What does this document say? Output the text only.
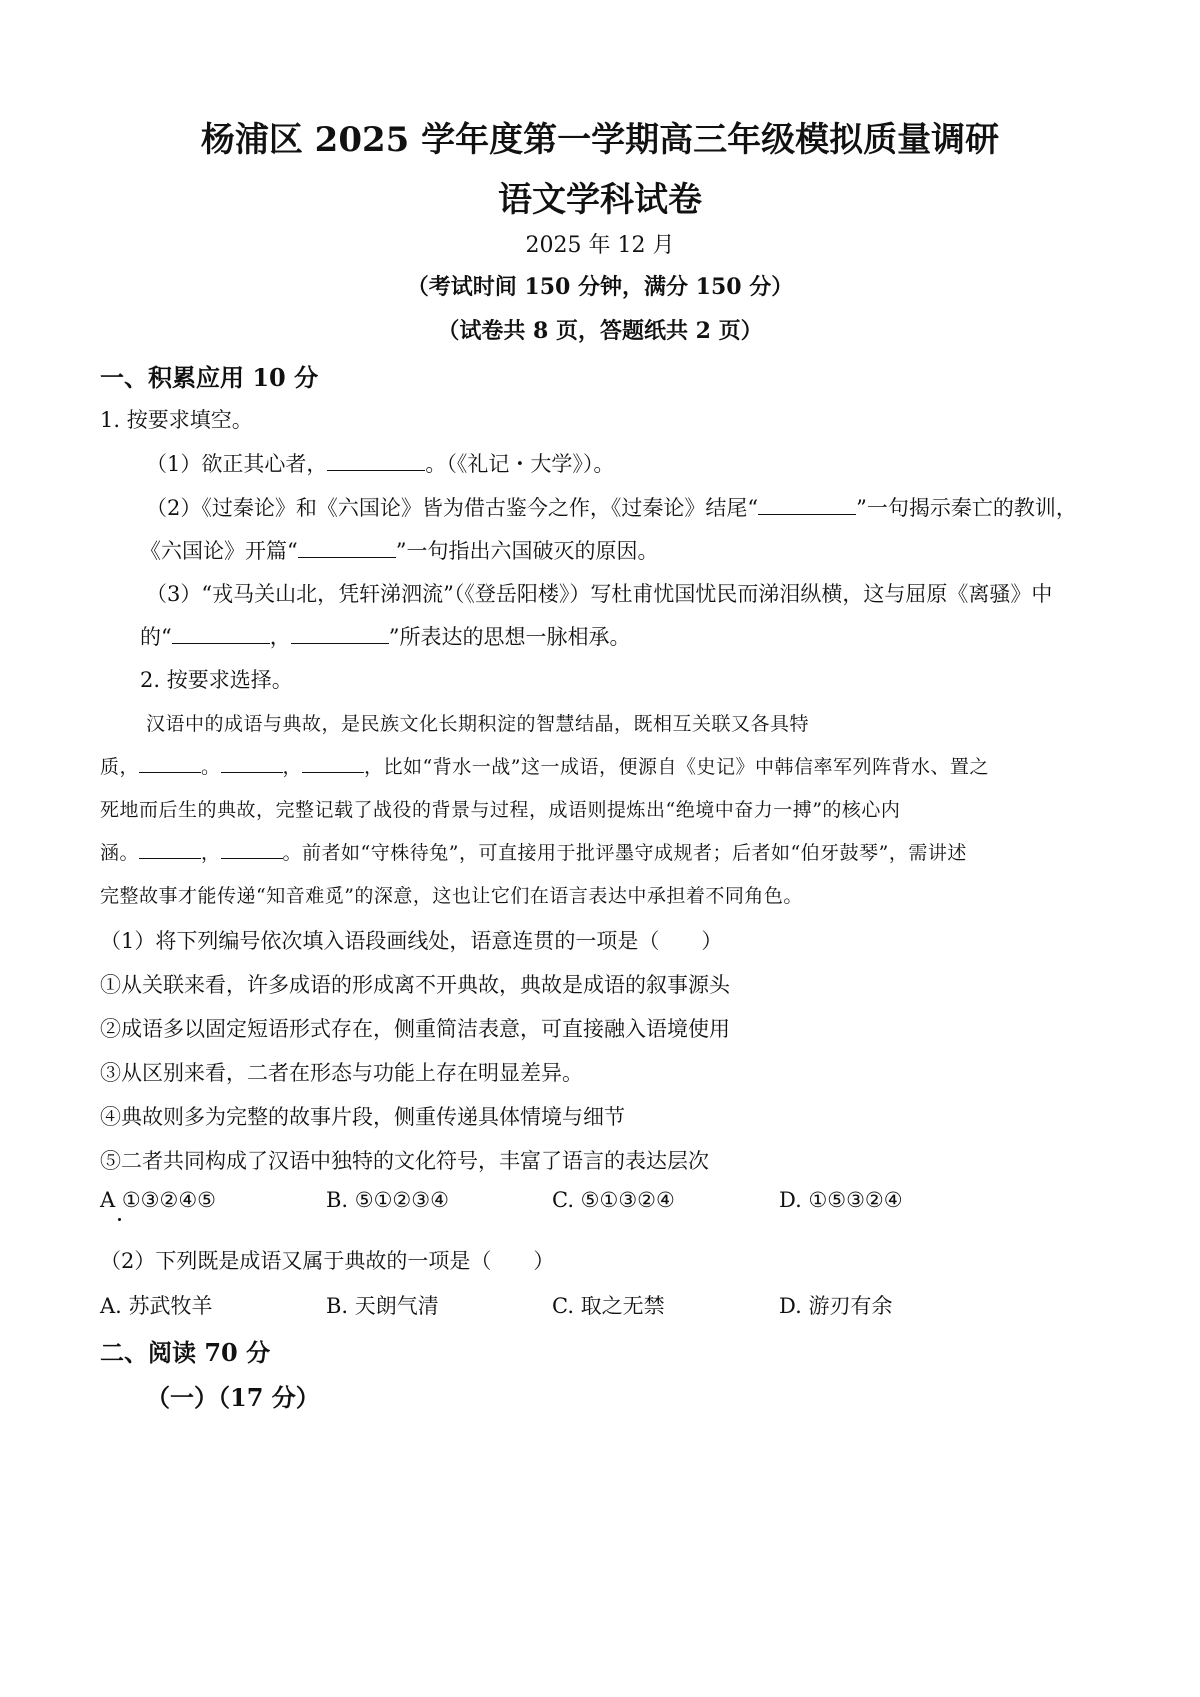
杨浦区 2025 学年度第一学期高三年级模拟质量调研
语文学科试卷
2025 年 12 月
（考试时间 150 分钟，满分 150 分）
（试卷共 8 页，答题纸共 2 页）
一、积累应用 10 分
1. 按要求填空。
（1）欲正其心者，	。（《礼记・大学》）。
（2）《过秦论》和《六国论》皆为借古鉴今之作，《过秦论》结尾“	”一句揭示秦亡的教训，
《六国论》开篇“	”一句指出六国破灭的原因。
（3）“戎马关山北，凭轩涕泗流”（《登岳阳楼》）写杜甫忧国忧民而涕泪纵横，这与屈原《离骚》中
的“	，	”所表达的思想一脉相承。
2. 按要求选择。
汉语中的成语与典故，是民族文化长期积淀的智慧结晶，既相互关联又各具特
质，	。	，	，比如“背水一战”这一成语，便源自《史记》中韩信率军列阵背水、置之
死地而后生的典故，完整记载了战役的背景与过程，成语则提炼出“绝境中奋力一搏”的核心内
涵。	，	。前者如“守株待兔”，可直接用于批评墨守成规者；后者如“伯牙鼓琴”，需讲述
完整故事才能传递“知音难觅”的深意，这也让它们在语言表达中承担着不同角色。
（1）将下列编号依次填入语段画线处，语意连贯的一项是（　　）
①从关联来看，许多成语的形成离不开典故，典故是成语的叙事源头
②成语多以固定短语形式存在，侧重简洁表意，可直接融入语境使用
③从区别来看，二者在形态与功能上存在明显差异。
④典故则多为完整的故事片段，侧重传递具体情境与细节
⑤二者共同构成了汉语中独特的文化符号，丰富了语言的表达层次
A ①③②④⑤	B. ⑤①②③④	C. ⑤①③②④	D. ①⑤③②④
（2）下列既是成语又属于典故的一项是（　　）
A. 苏武牧羊	B. 天朗气清	C. 取之无禁	D. 游刃有余
二、阅读 70 分
（一）（17 分）
